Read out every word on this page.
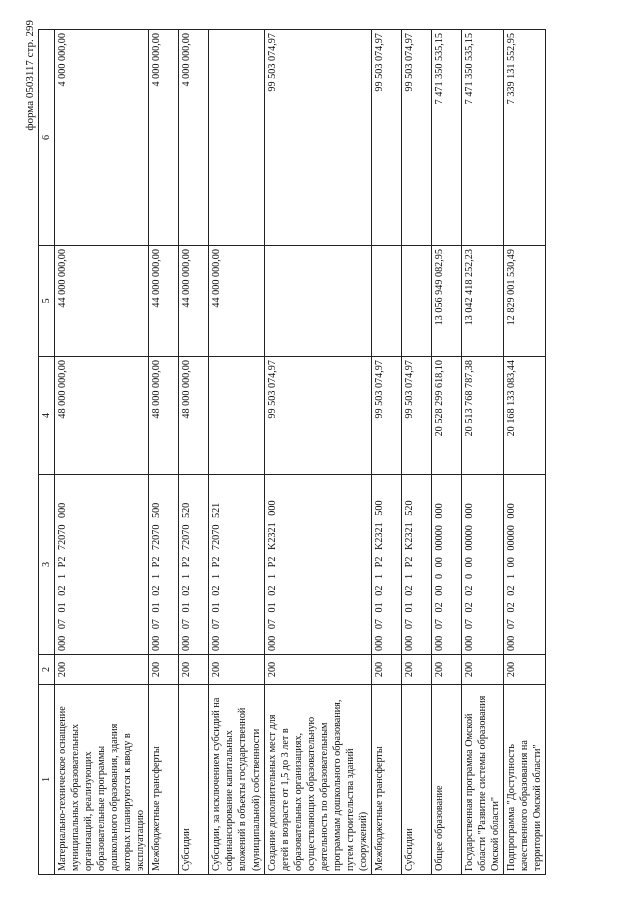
форма 0503117 стр. 299
1	2	3	4	5	6
Материально-техническое оснащение муниципальных образовательных организаций, реализующих образовательные программы дошкольного образования, здания которых планируются к вводу в эксплуатацию	200	000 07 01 02 1 P2 72070 000	48 000 000,00	44 000 000,00	4 000 000,00
Межбюджетные трансферты	200	000 07 01 02 1 P2 72070 500	48 000 000,00	44 000 000,00	4 000 000,00
Субсидии	200	000 07 01 02 1 P2 72070 520	48 000 000,00	44 000 000,00	4 000 000,00
Субсидии, за исключением субсидий на софинансирование капитальных вложений в объекты государственной (муниципальной) собственности	200	000 07 01 02 1 P2 72070 521		44 000 000,00	
Создание дополнительных мест для детей в возрасте от 1,5 до 3 лет в образовательных организациях, осуществляющих образовательную деятельность по образовательным программам дошкольного образования, путем строительства зданий (сооружений)	200	000 07 01 02 1 P2 K2321 000	99 503 074,97		99 503 074,97
Межбюджетные трансферты	200	000 07 01 02 1 P2 K2321 500	99 503 074,97		99 503 074,97
Субсидии	200	000 07 01 02 1 P2 K2321 520	99 503 074,97		99 503 074,97
Общее образование	200	000 07 02 00 0 00 00000 000	20 528 299 618,10	13 056 949 082,95	7 471 350 535,15
Государственная программа Омской области "Развитие системы образования Омской области"	200	000 07 02 02 0 00 00000 000	20 513 768 787,38	13 042 418 252,23	7 471 350 535,15
Подпрограмма "Доступность качественного образования на территории Омской области"	200	000 07 02 02 1 00 00000 000	20 168 133 083,44	12 829 001 530,49	7 339 131 552,95
